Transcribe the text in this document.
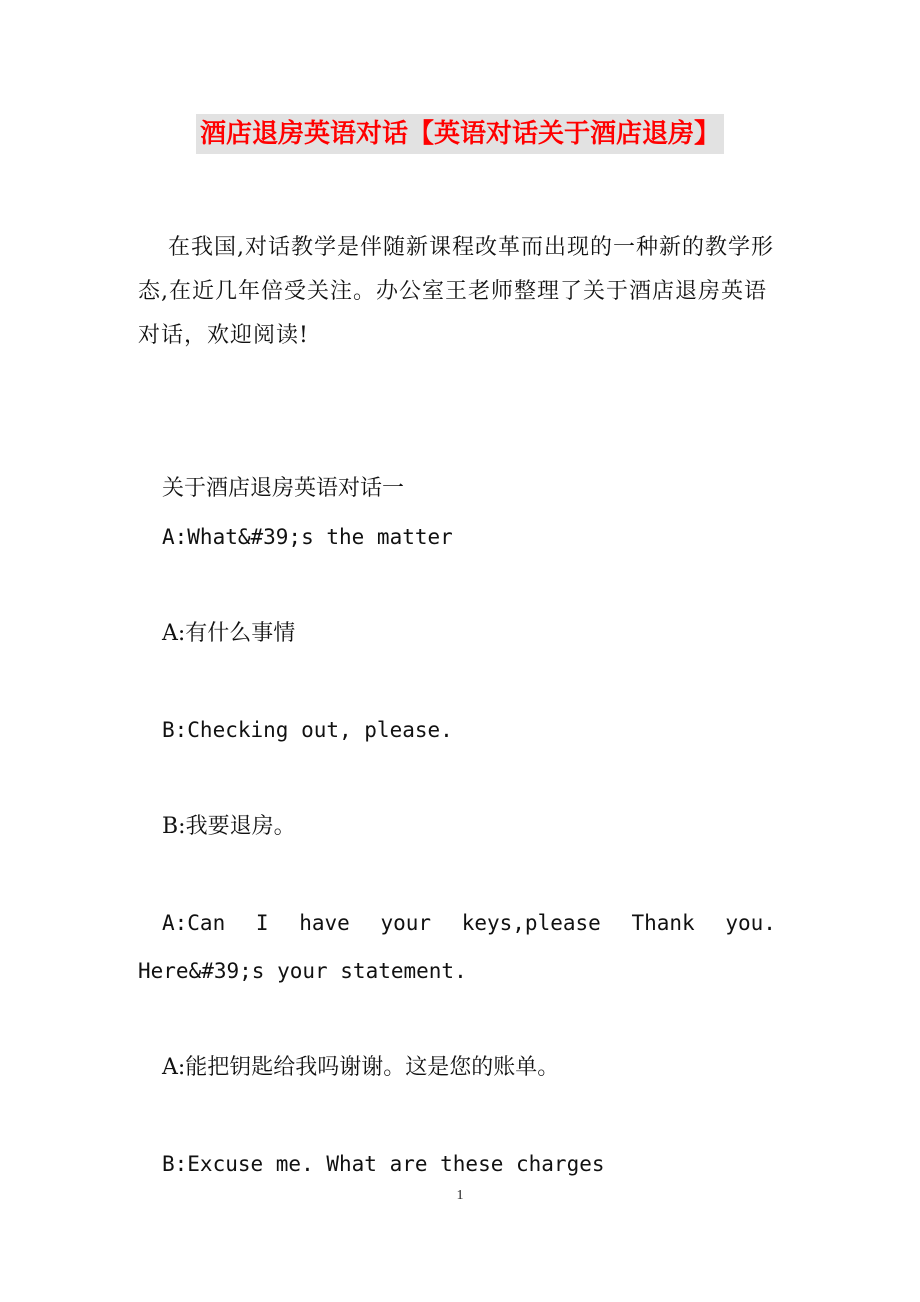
酒店退房英语对话【英语对话关于酒店退房】
在我国,对话教学是伴随新课程改革而出现的一种新的教学形态,在近几年倍受关注。办公室王老师整理了关于酒店退房英语对话，欢迎阅读!
关于酒店退房英语对话一
A:What&#39;s the matter
A:有什么事情
B:Checking out, please.
B:我要退房。
A:Can I have your keys,please Thank you.
Here&#39;s your statement.
A:能把钥匙给我吗谢谢。这是您的账单。
B:Excuse me. What are these charges
1
